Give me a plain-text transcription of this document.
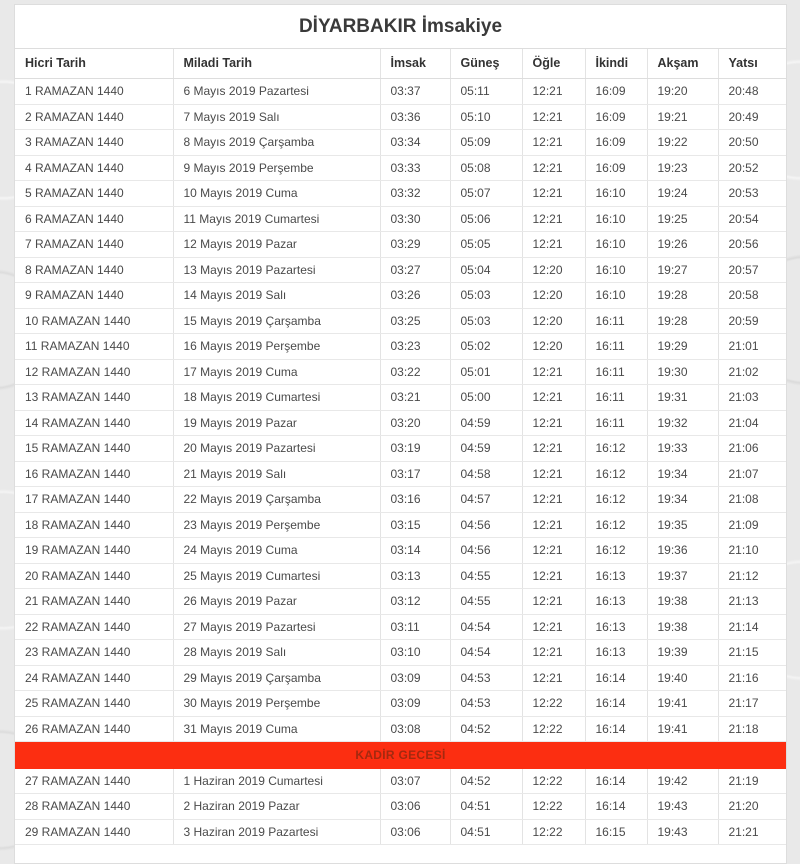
DİYARBAKIR İmsakiye
Hicri Tarih	Miladi Tarih	İmsak	Güneş	Öğle	İkindi	Akşam	Yatsı
1 RAMAZAN 1440	6 Mayıs 2019 Pazartesi	03:37	05:11	12:21	16:09	19:20	20:48
2 RAMAZAN 1440	7 Mayıs 2019 Salı	03:36	05:10	12:21	16:09	19:21	20:49
3 RAMAZAN 1440	8 Mayıs 2019 Çarşamba	03:34	05:09	12:21	16:09	19:22	20:50
4 RAMAZAN 1440	9 Mayıs 2019 Perşembe	03:33	05:08	12:21	16:09	19:23	20:52
5 RAMAZAN 1440	10 Mayıs 2019 Cuma	03:32	05:07	12:21	16:10	19:24	20:53
6 RAMAZAN 1440	11 Mayıs 2019 Cumartesi	03:30	05:06	12:21	16:10	19:25	20:54
7 RAMAZAN 1440	12 Mayıs 2019 Pazar	03:29	05:05	12:21	16:10	19:26	20:56
8 RAMAZAN 1440	13 Mayıs 2019 Pazartesi	03:27	05:04	12:20	16:10	19:27	20:57
9 RAMAZAN 1440	14 Mayıs 2019 Salı	03:26	05:03	12:20	16:10	19:28	20:58
10 RAMAZAN 1440	15 Mayıs 2019 Çarşamba	03:25	05:03	12:20	16:11	19:28	20:59
11 RAMAZAN 1440	16 Mayıs 2019 Perşembe	03:23	05:02	12:20	16:11	19:29	21:01
12 RAMAZAN 1440	17 Mayıs 2019 Cuma	03:22	05:01	12:21	16:11	19:30	21:02
13 RAMAZAN 1440	18 Mayıs 2019 Cumartesi	03:21	05:00	12:21	16:11	19:31	21:03
14 RAMAZAN 1440	19 Mayıs 2019 Pazar	03:20	04:59	12:21	16:11	19:32	21:04
15 RAMAZAN 1440	20 Mayıs 2019 Pazartesi	03:19	04:59	12:21	16:12	19:33	21:06
16 RAMAZAN 1440	21 Mayıs 2019 Salı	03:17	04:58	12:21	16:12	19:34	21:07
17 RAMAZAN 1440	22 Mayıs 2019 Çarşamba	03:16	04:57	12:21	16:12	19:34	21:08
18 RAMAZAN 1440	23 Mayıs 2019 Perşembe	03:15	04:56	12:21	16:12	19:35	21:09
19 RAMAZAN 1440	24 Mayıs 2019 Cuma	03:14	04:56	12:21	16:12	19:36	21:10
20 RAMAZAN 1440	25 Mayıs 2019 Cumartesi	03:13	04:55	12:21	16:13	19:37	21:12
21 RAMAZAN 1440	26 Mayıs 2019 Pazar	03:12	04:55	12:21	16:13	19:38	21:13
22 RAMAZAN 1440	27 Mayıs 2019 Pazartesi	03:11	04:54	12:21	16:13	19:38	21:14
23 RAMAZAN 1440	28 Mayıs 2019 Salı	03:10	04:54	12:21	16:13	19:39	21:15
24 RAMAZAN 1440	29 Mayıs 2019 Çarşamba	03:09	04:53	12:21	16:14	19:40	21:16
25 RAMAZAN 1440	30 Mayıs 2019 Perşembe	03:09	04:53	12:22	16:14	19:41	21:17
26 RAMAZAN 1440	31 Mayıs 2019 Cuma	03:08	04:52	12:22	16:14	19:41	21:18
KADİR GECESİ							
27 RAMAZAN 1440	1 Haziran 2019 Cumartesi	03:07	04:52	12:22	16:14	19:42	21:19
28 RAMAZAN 1440	2 Haziran 2019 Pazar	03:06	04:51	12:22	16:14	19:43	21:20
29 RAMAZAN 1440	3 Haziran 2019 Pazartesi	03:06	04:51	12:22	16:15	19:43	21:21
